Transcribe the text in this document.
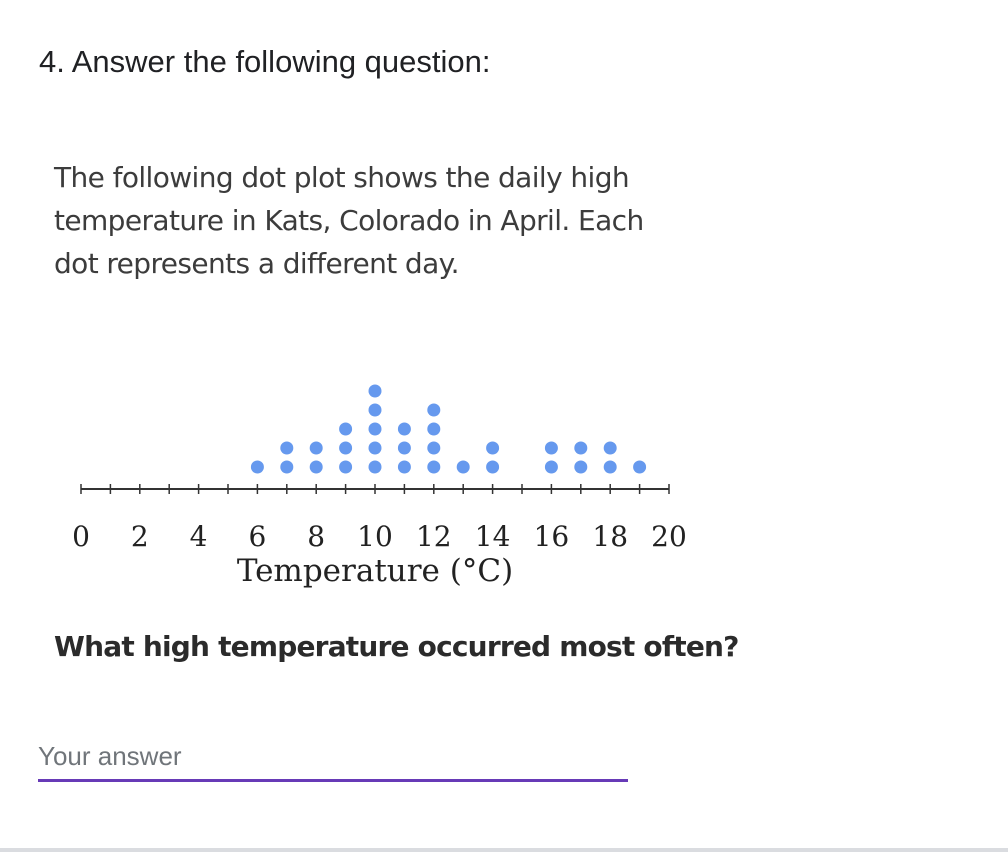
4. Answer the following question:
The following dot plot shows the daily high
temperature in Kats, Colorado in April. Each
dot represents a different day.
0 2 4 6 8 10 12 14 16 18 20
Temperature (°C)
What high temperature occurred most often?
Your answer
